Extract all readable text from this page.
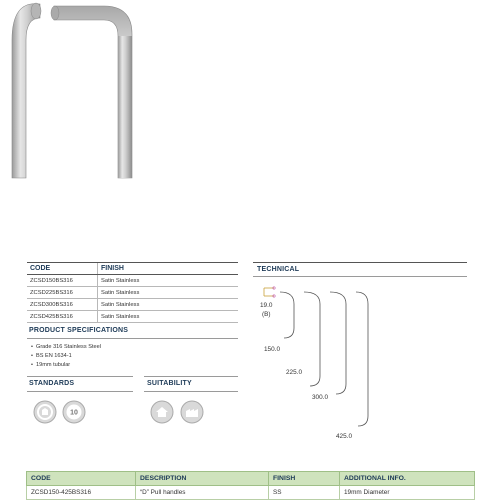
CODE	FINISH
ZCSD150BS316	Satin Stainless
ZCSD225BS316	Satin Stainless
ZCSD300BS316	Satin Stainless
ZCSD425BS316	Satin Stainless
TECHNICAL
PRODUCT SPECIFICATIONS
• Grade 316 Stainless Steel
• BS EN 1634-1
• 19mm tubular
STANDARDS	SUITABILITY
10
19.0
(B)
150.0
225.0
300.0
425.0
CODE	DESCRIPTION	FINISH	ADDITIONAL INFO.
ZCSD150-425BS316	“D” Pull handles	SS	19mm Diameter
